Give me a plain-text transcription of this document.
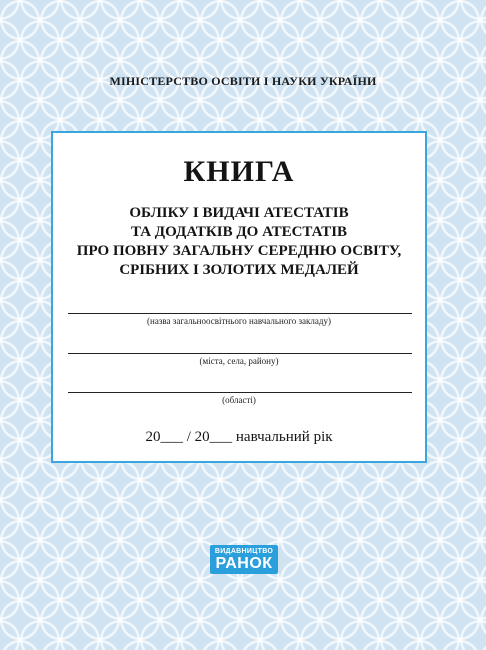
МІНІСТЕРСТВО ОСВІТИ І НАУКИ УКРАЇНИ
КНИГА
ОБЛІКУ І ВИДАЧІ АТЕСТАТІВ
ТА ДОДАТКІВ ДО АТЕСТАТІВ
ПРО ПОВНУ ЗАГАЛЬНУ СЕРЕДНЮ ОСВІТУ,
СРІБНИХ І ЗОЛОТИХ МЕДАЛЕЙ
(назва загальноосвітнього навчального закладу)
(міста, села, району)
(області)
20___ / 20___ навчальний рік
ВИДАВНИЦТВО
РАНОК
